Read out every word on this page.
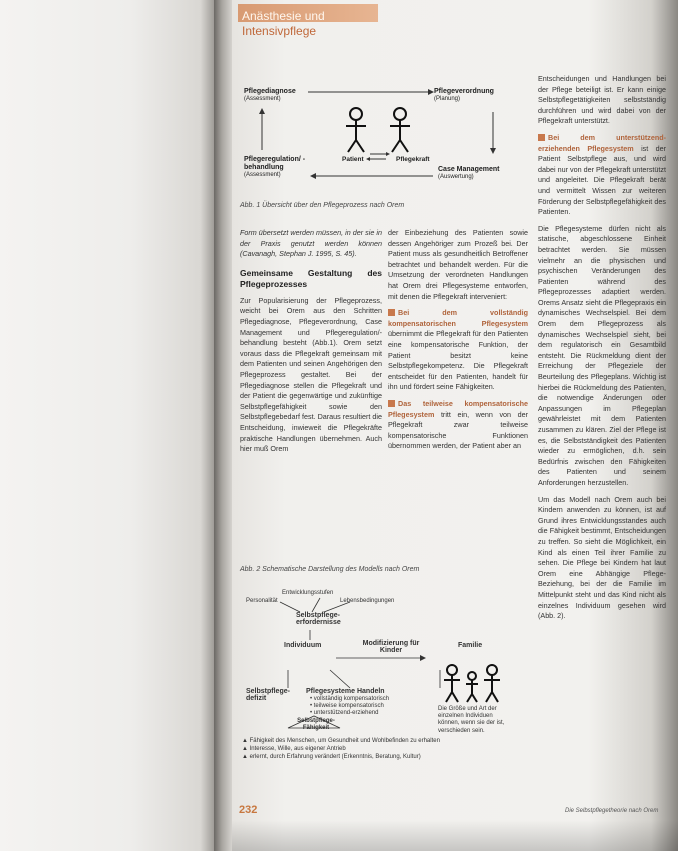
Anästhesie und
Intensivpflege
Pflegediagnose
(Assessment)
Pflegeverordnung
(Planung)
Pflegeregulation/ -behandlung
(Assessment)
Case Management
(Auswertung)
Patient	Pflegekraft
Abb. 1 Übersicht über den Pflegeprozess nach Orem

Form übersetzt werden müssen, in der sie in der Praxis genutzt werden können (Cavanagh, Stephan J. 1995, S. 45).

Gemeinsame Gestaltung des Pflegeprozesses

Zur Popularisierung der Pflegeprozess, weicht bei Orem aus den Schritten Pflegediagnose, Pflegeverordnung, Case Management und Pflegeregulation/-behandlung besteht (Abb.1). Orem setzt voraus dass die Pflegekraft gemeinsam mit dem Patienten und seinen Angehörigen den Pflegeprozess gestaltet. Bei der Pflegediagnose stellen die Pflegekraft und der Patient die gegenwärtige und zukünftige Selbstpflegefähigkeit sowie den Selbstpflegebedarf fest. Daraus resultiert die Entscheidung, inwieweit die Pflegekräfte praktische Handlungen übernehmen. Auch hier muß Orem

der Einbeziehung des Patienten sowie dessen Angehöriger zum Prozeß bei. Der Patient muss als gesundheitlich Betroffener betrachtet und behandelt werden. Für die Umsetzung der verordneten Handlungen hat Orem drei Pflegesysteme entworfen, mit denen die Pflegekraft interveniert:

Bei dem vollständig kompensatorischen Pflegesystem übernimmt die Pflegekraft für den Patienten eine kompensatorische Funktion, der Patient besitzt keine Selbstpflegekompetenz. Die Pflegekraft entscheidet für den Patienten, handelt für ihn und fördert seine Fähigkeiten.

Das teilweise kompensatorische Pflegesystem tritt ein, wenn von der Pflegekraft zwar teilweise kompensatorische Funktionen übernommen werden, der Patient aber an

Entscheidungen und Handlungen bei der Pflege beteiligt ist. Er kann einige Selbstpflegetätigkeiten selbstständig durchführen und wird dabei von der Pflegekraft unterstützt.

Bei dem unterstützend-erziehenden Pflegesystem ist der Patient Selbstpflege aus, und wird dabei nur von der Pflegekraft unterstützt und angeleitet. Die Pflegekraft berät und vermittelt Wissen zur weiteren Förderung der Selbstpflegefähigkeit des Patienten.

Die Pflegesysteme dürfen nicht als statische, abgeschlossene Einheit betrachtet werden. Sie müssen vielmehr an die physischen und psychischen Veränderungen des Patienten während des Pflegeprozesses adaptiert werden. Orems Ansatz sieht die Pflegepraxis ein dynamisches Wechselspiel. Bei dem Orem dem Pflegeprozess als dynamisches Wechselspiel sieht, bei dem regulatorisch ein Gesamtbild entsteht. Die Rückmeldung dient der Erreichung der Pflegeziele der Beurteilung des Pflegeplans. Wichtig ist hierbei die Rückmeldung des Patienten, die notwendige Änderungen oder Anpassungen im Pflegeplan gewährleistet mit dem Patienten zusammen zu klären. Ziel der Pflege ist es, die Selbstständigkeit des Patienten wieder zu ermöglichen, d.h. sein Bedürfnis zwischen den Fähigkeiten des Patienten und seinem Anforderungen herzustellen.

Um das Modell nach Orem auch bei Kindern anwenden zu können, ist auf Grund ihres Entwicklungsstandes auch die Fähigkeit bestimmt, Entscheidungen zu treffen. So sieht die Möglichkeit, ein Kind als einen Teil ihrer Familie zu sehen. Die Pflege bei Kindern hat laut Orem eine Abhängige Pflege-Beziehung, bei der die Familie im Mittelpunkt steht und das Kind nicht als einzelnes Individuum gesehen wird (Abb. 2).

Abb. 2 Schematische Darstellung des Modells nach Orem
Entwicklungsstufen
Personalität	Lebensbedingungen
Selbstpflege-erfordernisse
Individuum	Modifizierung für Kinder
Familie
Selbstpflege-defizit
Pflegesysteme Handeln
• vollständig kompensatorisch
• teilweise kompensatorisch
• unterstützend-erziehend
Die Größe und Art der einzelnen Individuen können, wenn sie der ist, verschieden sein.
Selbstpflege-Fähigkeit
▲ Fähigkeit des Menschen, um Gesundheit und Wohlbefinden zu erhalten
▲ Interesse, Wille, aus eigener Antrieb
▲ erlernt, durch Erfahrung verändert (Erkenntnis, Beratung, Kultur)
232	Die Selbstpflegetheorie nach Orem
